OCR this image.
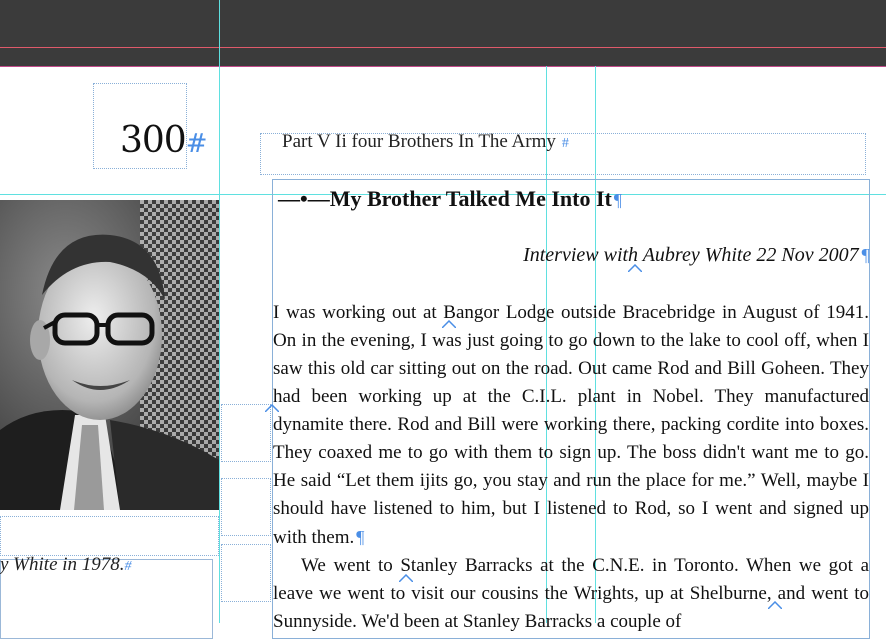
300#	Part V Ii four Brothers In The Army #
—•—My Brother Talked Me Into It ¶
Interview with Aubrey White 22 Nov 2007 ¶

I was working out at Bangor Lodge outside Bracebridge in August of 1941. On in the evening, I was just going to go down to the lake to cool off, when I saw this old car sitting out on the road. Out came Rod and Bill Goheen. They had been working up at the C.I.L. plant in Nobel. They manufactured dynamite there. Rod and Bill were working there, packing cordite into boxes. They coaxed me to go with them to sign up. The boss didn't want me to go. He said “Let them ijits go, you stay and run the place for me.” Well, maybe I should have listened to him, but I listened to Rod, so I went and signed up with them. ¶

We went to Stanley Barracks at the C.N.E. in Toronto. When we got a leave we went to visit our cousins the Wrights, up at Shelburne, and went to Sunnyside. We'd been at Stanley Barracks a couple of

y White in 1978.#
